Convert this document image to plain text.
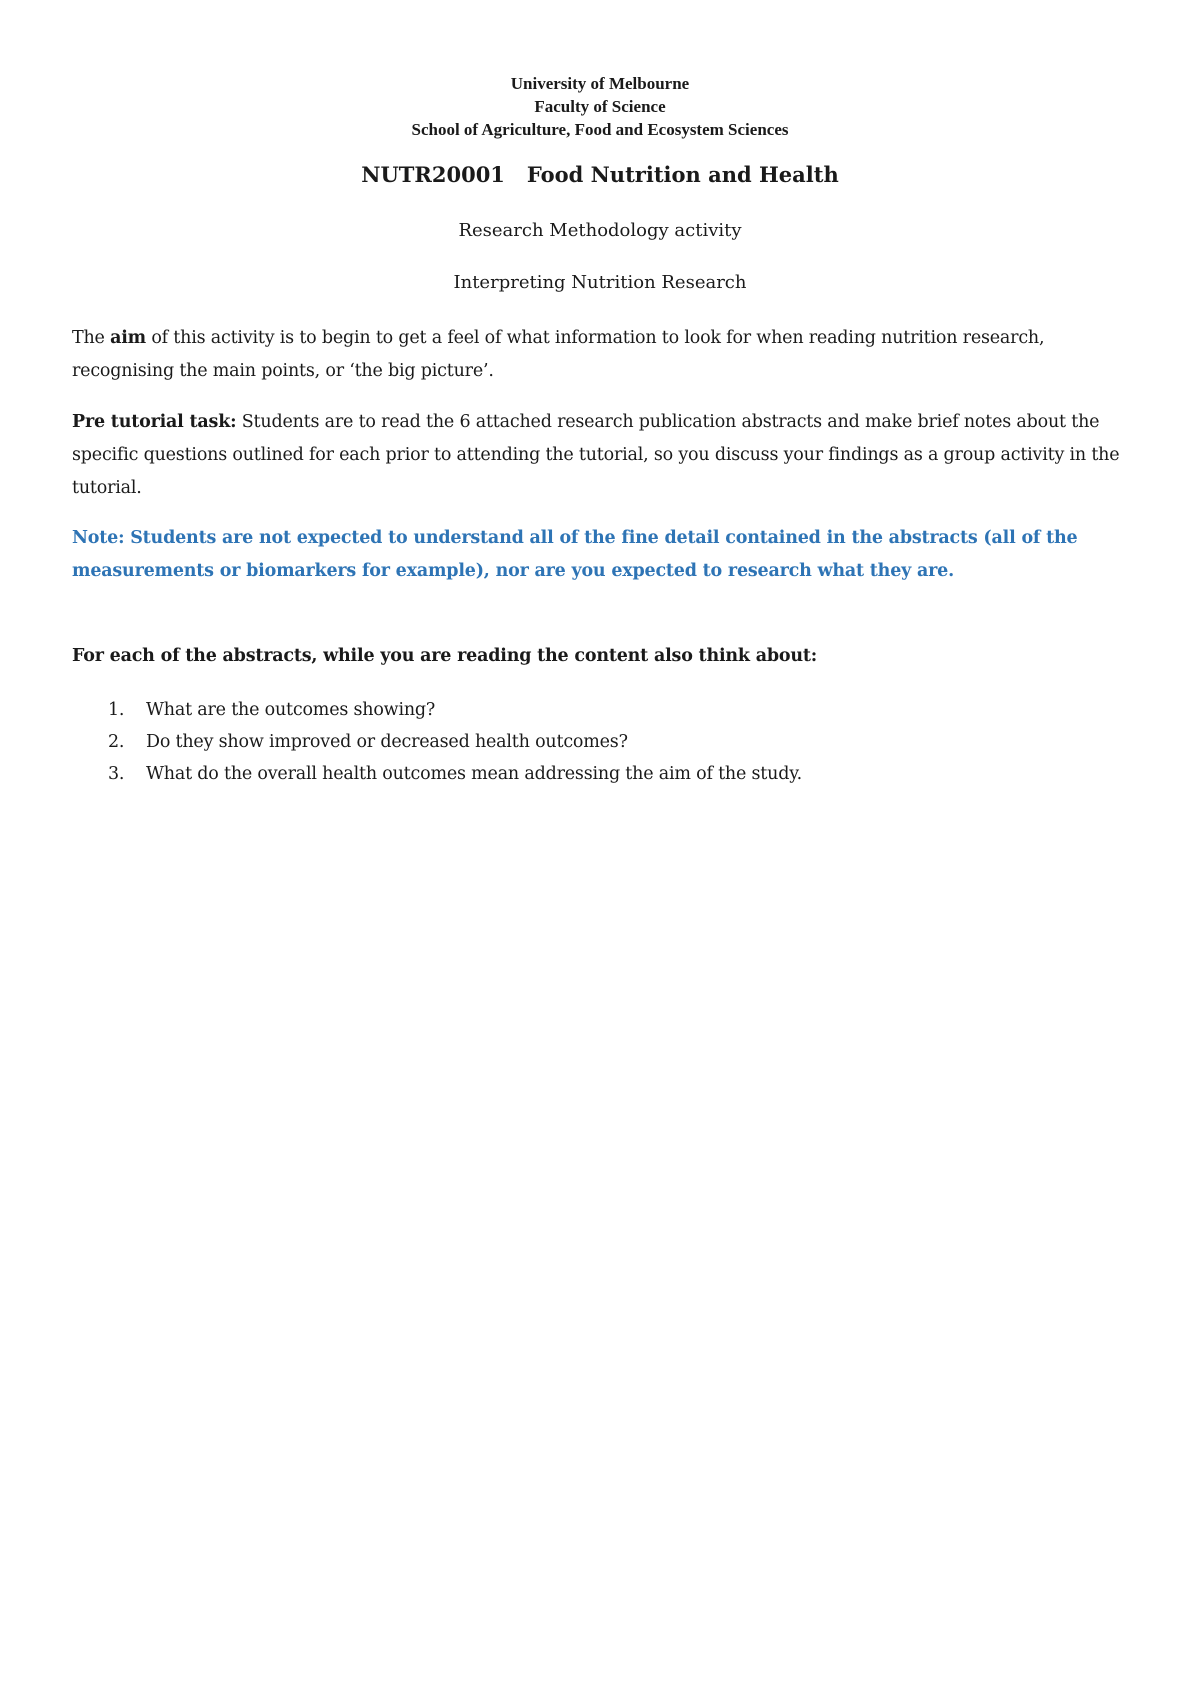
University of Melbourne
Faculty of Science
School of Agriculture, Food and Ecosystem Sciences
NUTR20001   Food Nutrition and Health
Research Methodology activity
Interpreting Nutrition Research
The aim of this activity is to begin to get a feel of what information to look for when reading nutrition research, recognising the main points, or ‘the big picture’.
Pre tutorial task: Students are to read the 6 attached research publication abstracts and make brief notes about the specific questions outlined for each prior to attending the tutorial, so you discuss your findings as a group activity in the tutorial.
Note: Students are not expected to understand all of the fine detail contained in the abstracts (all of the measurements or biomarkers for example), nor are you expected to research what they are.
For each of the abstracts, while you are reading the content also think about:
1.	What are the outcomes showing?
2.	Do they show improved or decreased health outcomes?
3.	What do the overall health outcomes mean addressing the aim of the study.
